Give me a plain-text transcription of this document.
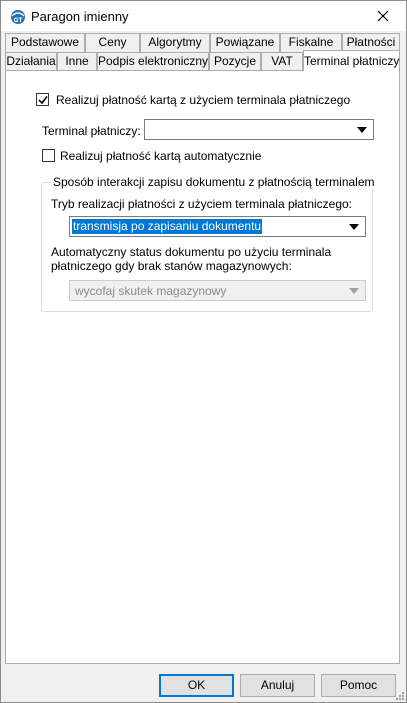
GT Paragon imienny
Podstawowe	Ceny	Algorytmy	Powiązane	Fiskalne	Płatności
Działania Inne Podpis elektroniczny Pozycje	VAT Terminal płatniczy
Realizuj płatność kartą z użyciem terminala płatniczego
Terminal płatniczy:
Realizuj płatność kartą automatycznie
Sposób interakcji zapisu dokumentu z płatnością terminalem
Tryb realizacji płatności z użyciem terminala płatniczego:
transmisja po zapisaniu dokumentu
Automatyczny status dokumentu po użyciu terminala
płatniczego gdy brak stanów magazynowych:
wycofaj skutek magazynowy
OK	Anuluj	Pomoc
